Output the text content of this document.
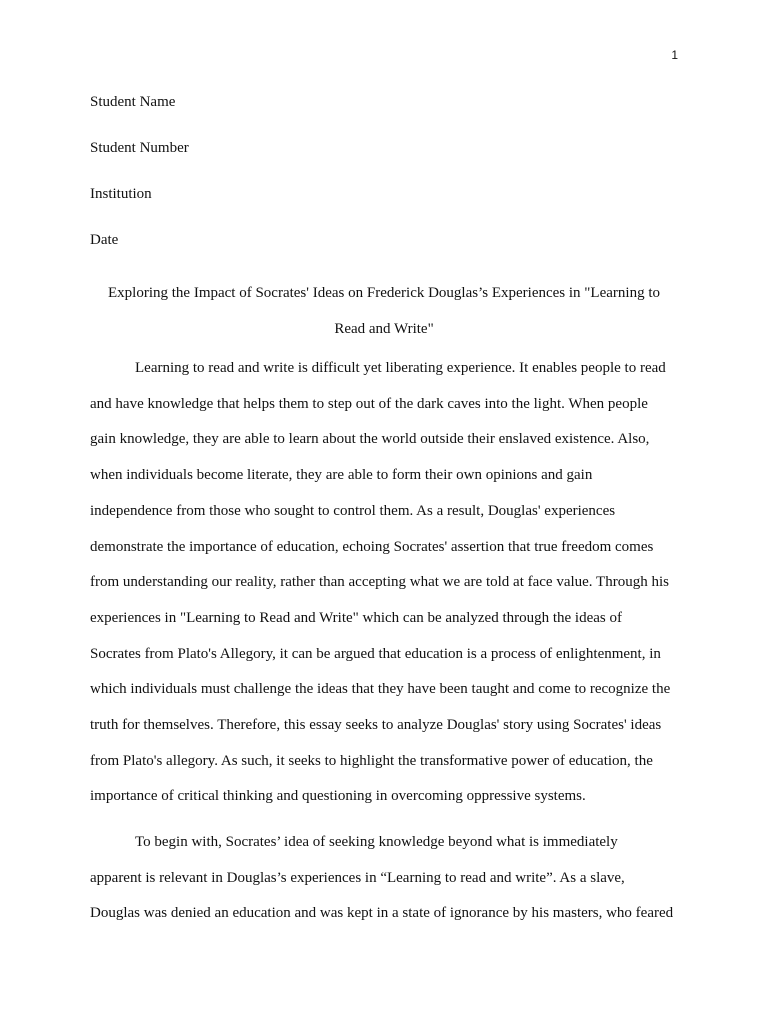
1
Student Name
Student Number
Institution
Date
Exploring the Impact of Socrates' Ideas on Frederick Douglas’s Experiences in "Learning to
Read and Write"
Learning to read and write is difficult yet liberating experience. It enables people to read
and have knowledge that helps them to step out of the dark caves into the light. When people
gain knowledge, they are able to learn about the world outside their enslaved existence. Also,
when individuals become literate, they are able to form their own opinions and gain
independence from those who sought to control them. As a result, Douglas' experiences
demonstrate the importance of education, echoing Socrates' assertion that true freedom comes
from understanding our reality, rather than accepting what we are told at face value. Through his
experiences in "Learning to Read and Write" which can be analyzed through the ideas of
Socrates from Plato's Allegory, it can be argued that education is a process of enlightenment, in
which individuals must challenge the ideas that they have been taught and come to recognize the
truth for themselves. Therefore, this essay seeks to analyze Douglas' story using Socrates' ideas
from Plato's allegory. As such, it seeks to highlight the transformative power of education, the
importance of critical thinking and questioning in overcoming oppressive systems.
To begin with, Socrates’ idea of seeking knowledge beyond what is immediately
apparent is relevant in Douglas’s experiences in “Learning to read and write”. As a slave,
Douglas was denied an education and was kept in a state of ignorance by his masters, who feared
